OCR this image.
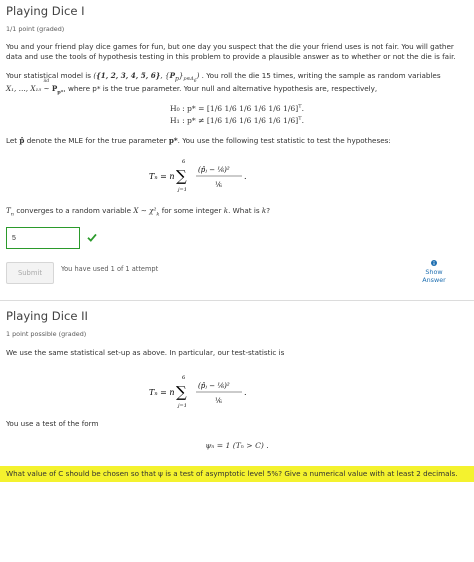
Playing Dice I
1/1 point (graded)

You and your friend play dice games for fun, but one day you suspect that the die your friend uses is not fair. You will gather data and use the tools of hypothesis testing in this problem to provide a plausible answer as to whether or not the die is fair.

Your statistical model is ({1, 2, 3, 4, 5, 6}, $\{P_p\}_{p\in\Delta_6}$) . You roll the die 15 times, writing the sample as random variables
X₁, …, X₁₅
iid
~ $P_{p*}$, where p* is the true parameter. Your null and alternative hypothesis are, respectively,

H₀ : p* = [1/6 1/6 1/6 1/6 1/6 1/6]$^T$.
H₁ : p* ≠ [1/6 1/6 1/6 1/6 1/6 1/6]$^T$.

Let p̂ denote the MLE for the true parameter p*. You use the following test statistic to test the hypotheses:

Tₙ = n
6
∑
j=1
(p̂ⱼ − ⅙)²
⅙
.

$T_n$ converges to a random variable X ∼ $\chi^2_k$ for some integer k. What is k?

5
Submit	You have used 1 of 1 attempt	Show
Answer
Playing Dice II
1 point possible (graded)

We use the same statistical set-up as above. In particular, our test-statistic is

Tₙ = n
6
∑
j=1
(p̂ⱼ − ⅙)²
⅙
.

You use a test of the form

ψₙ = 1 (Tₙ > C) .

What value of C should be chosen so that ψ is a test of asymptotic level 5%? Give a numerical value with at least 2 decimals.
